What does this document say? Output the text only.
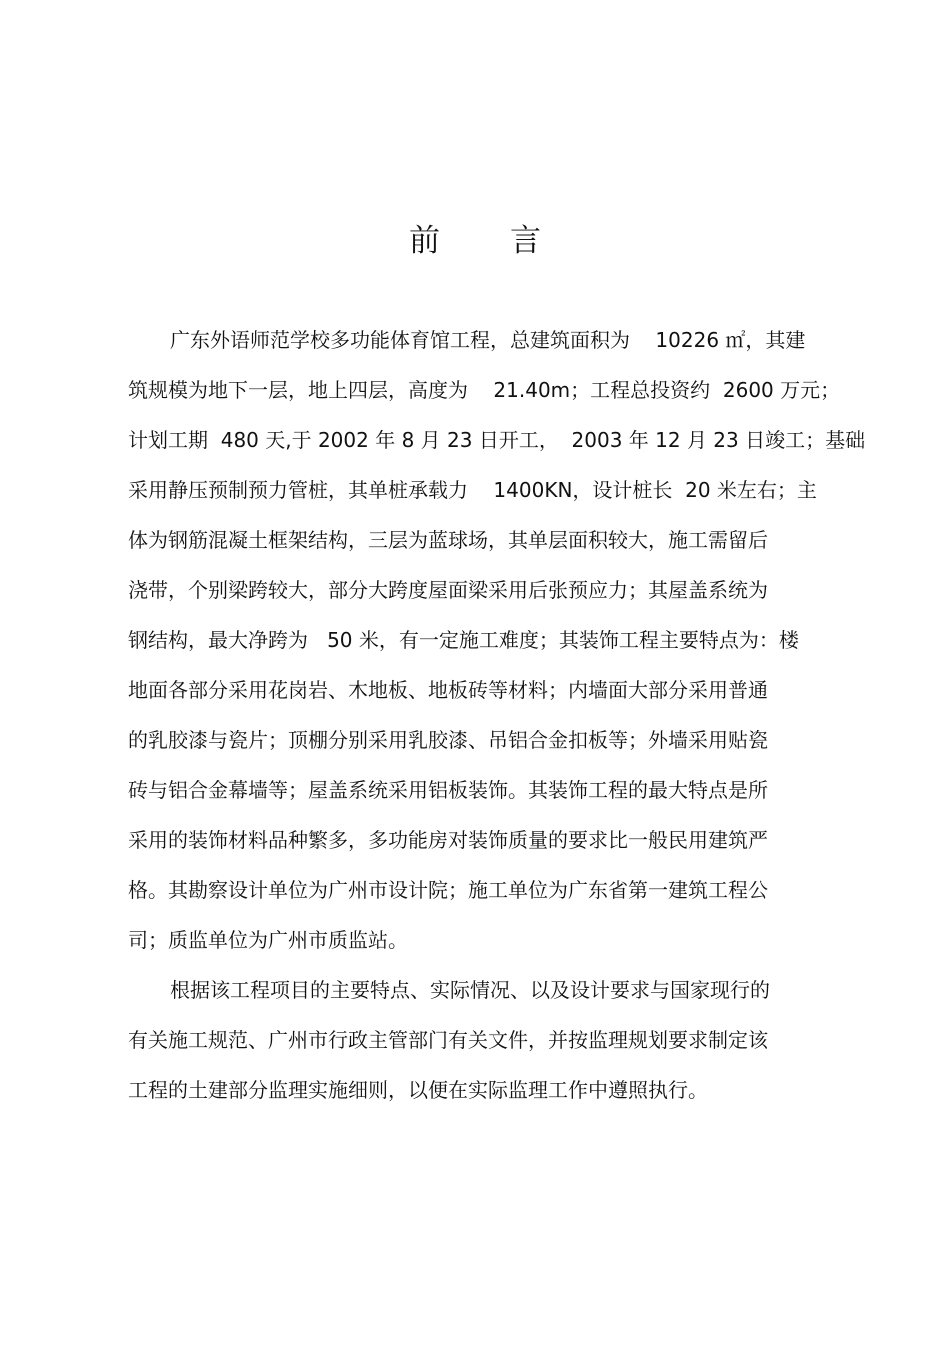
前 言
广东外语师范学校多功能体育馆工程，总建筑面积为    10226 ㎡，其建
筑规模为地下一层，地上四层，高度为    21.40m；工程总投资约  2600 万元；
计划工期  480 天,于 2002 年 8 月 23 日开工，  2003 年 12 月 23 日竣工；基础
采用静压预制预力管桩，其单桩承载力    1400KN，设计桩长  20 米左右；主
体为钢筋混凝土框架结构，三层为蓝球场，其单层面积较大，施工需留后
浇带，个别梁跨较大，部分大跨度屋面梁采用后张预应力；其屋盖系统为
钢结构，最大净跨为   50 米，有一定施工难度；其装饰工程主要特点为：楼
地面各部分采用花岗岩、木地板、地板砖等材料；内墙面大部分采用普通
的乳胶漆与瓷片；顶棚分别采用乳胶漆、吊铝合金扣板等；外墙采用贴瓷
砖与铝合金幕墙等；屋盖系统采用铝板装饰。其装饰工程的最大特点是所
采用的装饰材料品种繁多，多功能房对装饰质量的要求比一般民用建筑严
格。其勘察设计单位为广州市设计院；施工单位为广东省第一建筑工程公
司；质监单位为广州市质监站。
根据该工程项目的主要特点、实际情况、以及设计要求与国家现行的
有关施工规范、广州市行政主管部门有关文件，并按监理规划要求制定该
工程的土建部分监理实施细则，以便在实际监理工作中遵照执行。
